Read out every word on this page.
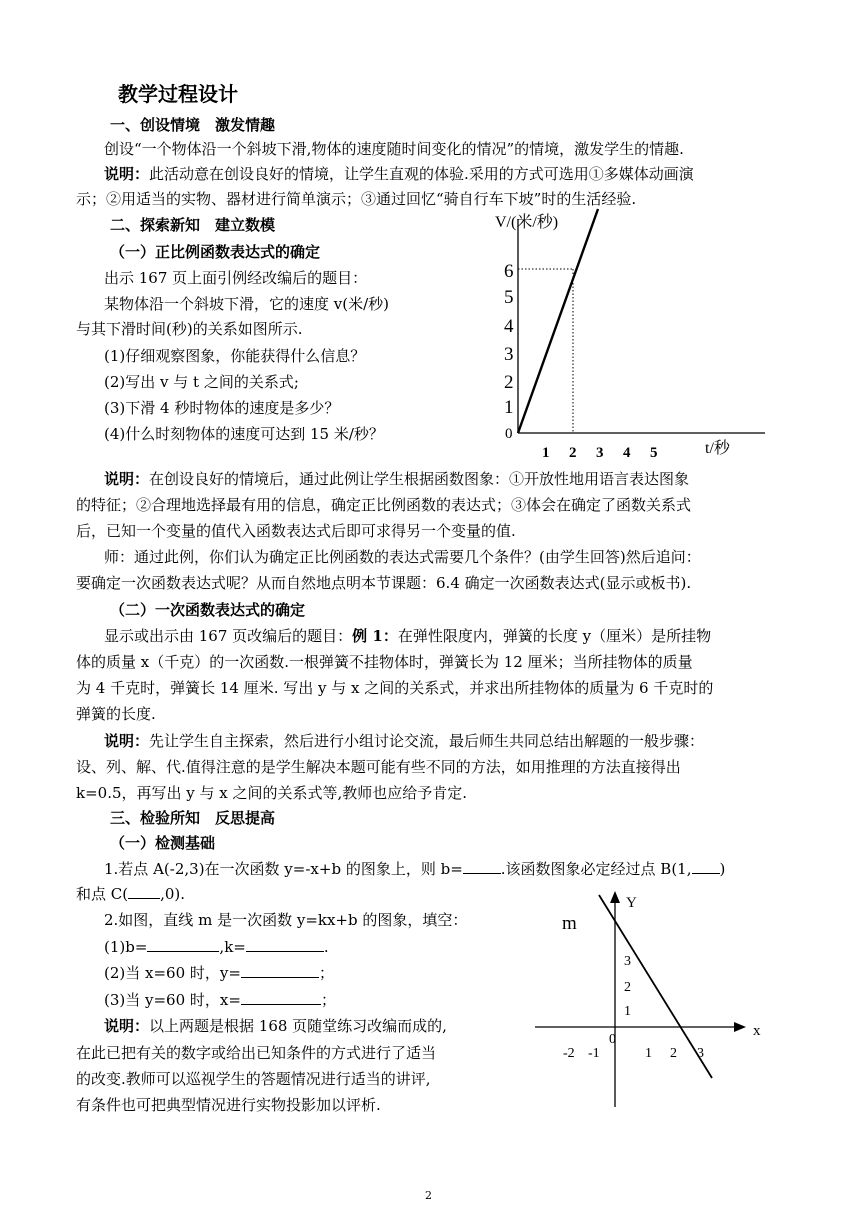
教学过程设计
一、创设情境　激发情趣
创设“一个物体沿一个斜坡下滑,物体的速度随时间变化的情况”的情境，激发学生的情趣.
说明：此活动意在创设良好的情境，让学生直观的体验.采用的方式可选用①多媒体动画演
示；②用适当的实物、器材进行简单演示；③通过回忆“骑自行车下坡”时的生活经验.
二、探索新知　建立数模
（一）正比例函数表达式的确定
出示 167 页上面引例经改编后的题目：
某物体沿一个斜坡下滑，它的速度 v(米/秒)
与其下滑时间(秒)的关系如图所示.
(1)仔细观察图象，你能获得什么信息？
(2)写出 v 与 t 之间的关系式;
(3)下滑 4 秒时物体的速度是多少？
(4)什么时刻物体的速度可达到 15 米/秒？
V/(米/秒)
t/秒
0
1
2
3
4
5
6
1 2 3 4 5
说明：在创设良好的情境后，通过此例让学生根据函数图象：①开放性地用语言表达图象
的特征；②合理地选择最有用的信息，确定正比例函数的表达式；③体会在确定了函数关系式
后，已知一个变量的值代入函数表达式后即可求得另一个变量的值.
师：通过此例，你们认为确定正比例函数的表达式需要几个条件？(由学生回答)然后追问：
要确定一次函数表达式呢？从而自然地点明本节课题：6.4 确定一次函数表达式(显示或板书).
（二）一次函数表达式的确定
显示或出示由 167 页改编后的题目：例 1：在弹性限度内，弹簧的长度 y（厘米）是所挂物
体的质量 x（千克）的一次函数.一根弹簧不挂物体时，弹簧长为 12 厘米；当所挂物体的质量
为 4 千克时，弹簧长 14 厘米. 写出 y 与 x 之间的关系式，并求出所挂物体的质量为 6 千克时的
弹簧的长度.
说明：先让学生自主探索，然后进行小组讨论交流，最后师生共同总结出解题的一般步骤：
设、列、解、代.值得注意的是学生解决本题可能有些不同的方法，如用推理的方法直接得出
k=0.5，再写出 y 与 x 之间的关系式等,教师也应给予肯定.
三、检验所知　反思提高
（一）检测基础
1.若点 A(-2,3)在一次函数 y=-x+b 的图象上，则 b=	.该函数图象必定经过点 B(1, )
和点 C( ,0).
2.如图，直线 m 是一次函数 y=kx+b 的图象，填空：
(1)b=	,k=	.
(2)当 x=60 时，y=	；
(3)当 y=60 时，x=	；
说明：以上两题是根据 168 页随堂练习改编而成的,
在此已把有关的数字或给出已知条件的方式进行了适当
的改变.教师可以巡视学生的答题情况进行适当的讲评,
有条件也可把典型情况进行实物投影加以评析.
Y
x
m
3
2
1
-2 -1
0
1 2 3
2
